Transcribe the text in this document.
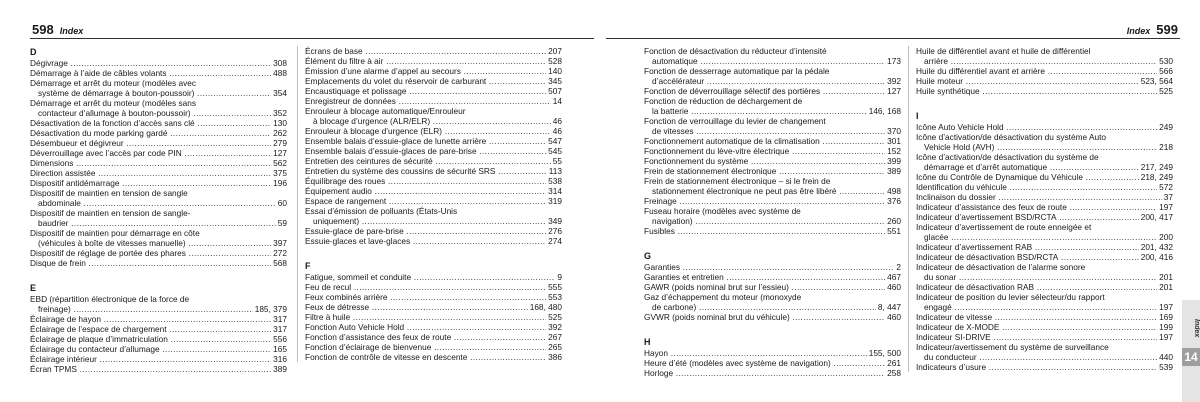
598 Index
D
Dégivrage .....	308
Démarrage à l’aide de câbles volants .....	488
Démarrage et arrêt du moteur (modèles avec
système de démarrage à bouton-poussoir) .....	354
Démarrage et arrêt du moteur (modèles sans
contacteur d’allumage à bouton-poussoir) .....	352
Désactivation de la fonction d’accès sans clé .....	130
Désactivation du mode parking gardé .....	262
Désembueur et dégivreur .....	279
Déverrouillage avec l’accès par code PIN .....	127
Dimensions .....	562
Direction assistée .....	375
Dispositif antidémarrage .....	196
Dispositif de maintien en tension de sangle
abdominale .....	60
Dispositif de maintien en tension de sangle-
baudrier .....	59
Dispositif de maintien pour démarrage en côte
(véhicules à boîte de vitesses manuelle) .....	397
Dispositif de réglage de portée des phares .....	272
Disque de frein .....	568
E
EBD (répartition électronique de la force de
freinage) .....	185, 379
Éclairage de hayon .....	317
Éclairage de l’espace de chargement .....	317
Éclairage de plaque d’immatriculation .....	556
Éclairage du contacteur d’allumage .....	165
Éclairage intérieur .....	316
Écran TPMS .....	389
Écrans de base .....	207
Élément du filtre à air .....	528
Émission d’une alarme d’appel au secours .....	140
Emplacements du volet du réservoir de carburant .....	345
Encaustiquage et polissage .....	507
Enregistreur de données .....	14
Enrouleur à blocage automatique/Enrouleur
à blocage d’urgence (ALR/ELR) .....	46
Enrouleur à blocage d’urgence (ELR) .....	46
Ensemble balais d’essuie-glace de lunette arrière .....	547
Ensemble balais d’essuie-glaces de pare-brise .....	545
Entretien des ceintures de sécurité .....	55
Entretien du système des coussins de sécurité SRS .....	113
Équilibrage des roues .....	538
Équipement audio .....	314
Espace de rangement .....	319
Essai d’émission de polluants (États-Unis
uniquement) .....	349
Essuie-glace de pare-brise .....	276
Essuie-glaces et lave-glaces .....	274
F
Fatigue, sommeil et conduite .....	9
Feu de recul .....	555
Feux combinés arrière .....	553
Feux de détresse .....	168, 480
Filtre à huile .....	525
Fonction Auto Vehicle Hold .....	392
Fonction d’assistance des feux de route .....	267
Fonction d’éclairage de bienvenue .....	265
Fonction de contrôle de vitesse en descente .....	386
Index 599
Fonction de désactivation du réducteur d’intensité
automatique .....	173
Fonction de desserrage automatique par la pédale
d’accélérateur .....	392
Fonction de déverrouillage sélectif des portières .....	127
Fonction de réduction de déchargement de
la batterie .....	146, 168
Fonction de verrouillage du levier de changement
de vitesses .....	370
Fonctionnement automatique de la climatisation .....	301
Fonctionnement du lève-vitre électrique .....	152
Fonctionnement du système .....	399
Frein de stationnement électronique .....	389
Frein de stationnement électronique – si le frein de
stationnement électronique ne peut pas être libéré .....	498
Freinage .....	376
Fuseau horaire (modèles avec système de
navigation) .....	260
Fusibles .....	551
G
Garanties .....	2
Garanties et entretien .....	467
GAWR (poids nominal brut sur l’essieu) .....	460
Gaz d’échappement du moteur (monoxyde
de carbone) .....	8, 447
GVWR (poids nominal brut du véhicule) .....	460
H
Hayon .....	155, 500
Heure d’été (modèles avec système de navigation) .....	261
Horloge .....	258
Huile de différentiel avant et huile de différentiel
arrière .....	530
Huile du différentiel avant et arrière .....	566
Huile moteur .....	523, 564
Huile synthétique .....	525
I
Icône Auto Vehicle Hold .....	249
Icône d’activation/de désactivation du système Auto
Vehicle Hold (AVH) .....	218
Icône d’activation/de désactivation du système de
démarrage et d’arrêt automatique .....	217, 249
Icône du Contrôle de Dynamique du Véhicule .....	218, 249
Identification du véhicule .....	572
Inclinaison du dossier .....	37
Indicateur d’assistance des feux de route .....	197
Indicateur d’avertissement BSD/RCTA .....	200, 417
Indicateur d’avertissement de route enneigée et
glacée .....	200
Indicateur d’avertissement RAB .....	201, 432
Indicateur de désactivation BSD/RCTA .....	200, 416
Indicateur de désactivation de l’alarme sonore
du sonar .....	201
Indicateur de désactivation RAB .....	201
Indicateur de position du levier sélecteur/du rapport
engagé .....	197
Indicateur de vitesse .....	169
Indicateur de X-MODE .....	199
Indicateur SI-DRIVE .....	197
Indicateur/avertissement du système de surveillance
du conducteur .....	440
Indicateurs d’usure .....	539
Index
14
